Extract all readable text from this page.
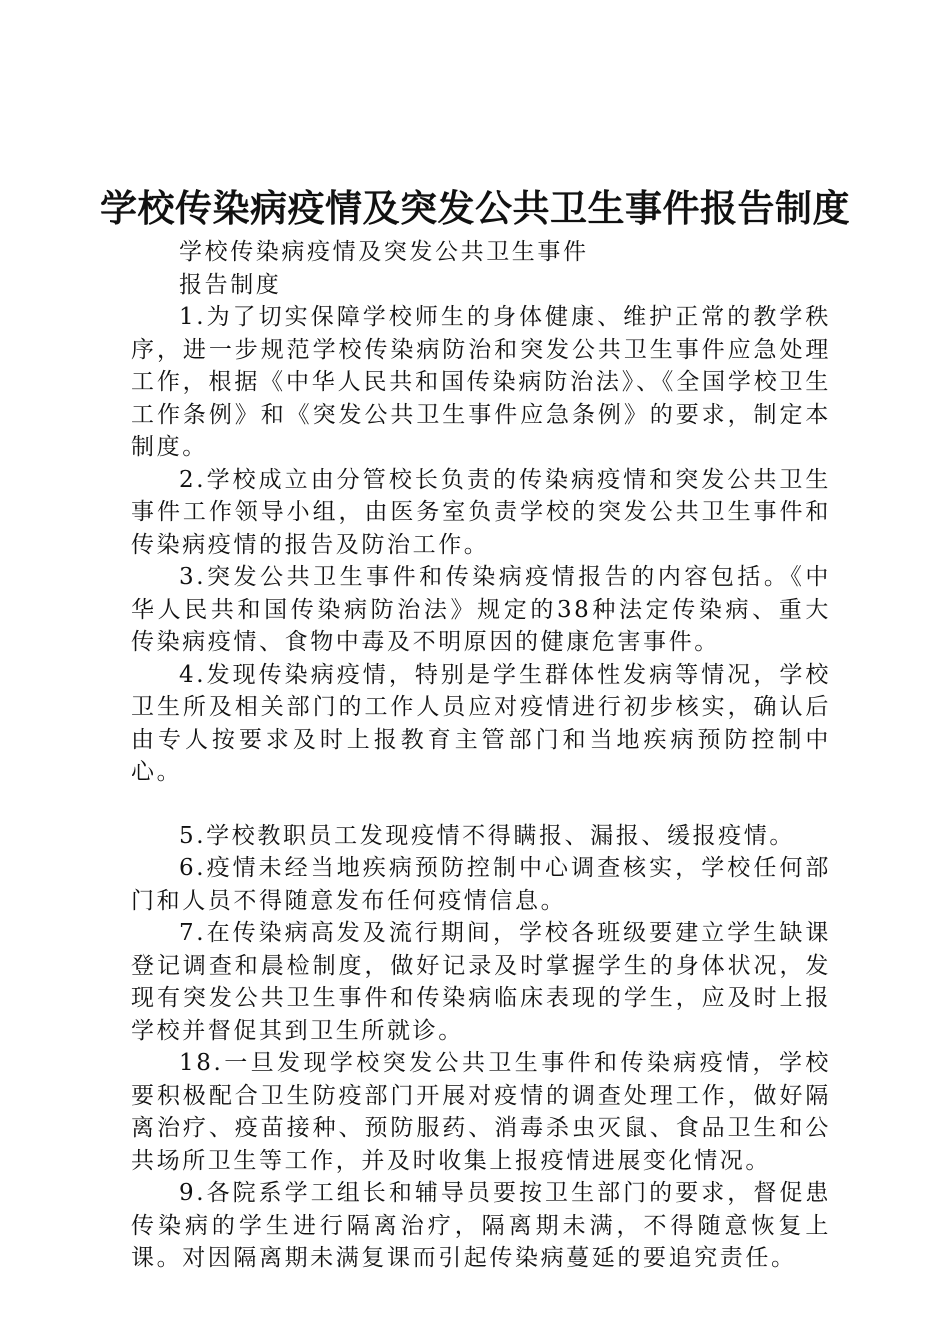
学校传染病疫情及突发公共卫生事件报告制度

学校传染病疫情及突发公共卫生事件

报告制度

1.为了切实保障学校师生的身体健康、维护正常的教学秩序，进一步规范学校传染病防治和突发公共卫生事件应急处理工作，根据《中华人民共和国传染病防治法》、《全国学校卫生工作条例》和《突发公共卫生事件应急条例》的要求，制定本制度。

2.学校成立由分管校长负责的传染病疫情和突发公共卫生事件工作领导小组，由医务室负责学校的突发公共卫生事件和传染病疫情的报告及防治工作。

3.突发公共卫生事件和传染病疫情报告的内容包括。《中华人民共和国传染病防治法》规定的38种法定传染病、重大传染病疫情、食物中毒及不明原因的健康危害事件。

4.发现传染病疫情，特别是学生群体性发病等情况，学校卫生所及相关部门的工作人员应对疫情进行初步核实，确认后由专人按要求及时上报教育主管部门和当地疾病预防控制中心。

5.学校教职员工发现疫情不得瞒报、漏报、缓报疫情。

6.疫情未经当地疾病预防控制中心调查核实，学校任何部门和人员不得随意发布任何疫情信息。

7.在传染病高发及流行期间，学校各班级要建立学生缺课登记调查和晨检制度，做好记录及时掌握学生的身体状况，发现有突发公共卫生事件和传染病临床表现的学生，应及时上报学校并督促其到卫生所就诊。

18.一旦发现学校突发公共卫生事件和传染病疫情，学校要积极配合卫生防疫部门开展对疫情的调查处理工作，做好隔离治疗、疫苗接种、预防服药、消毒杀虫灭鼠、食品卫生和公共场所卫生等工作，并及时收集上报疫情进展变化情况。

9.各院系学工组长和辅导员要按卫生部门的要求，督促患传染病的学生进行隔离治疗，隔离期未满，不得随意恢复上课。对因隔离期未满复课而引起传染病蔓延的要追究责任。
